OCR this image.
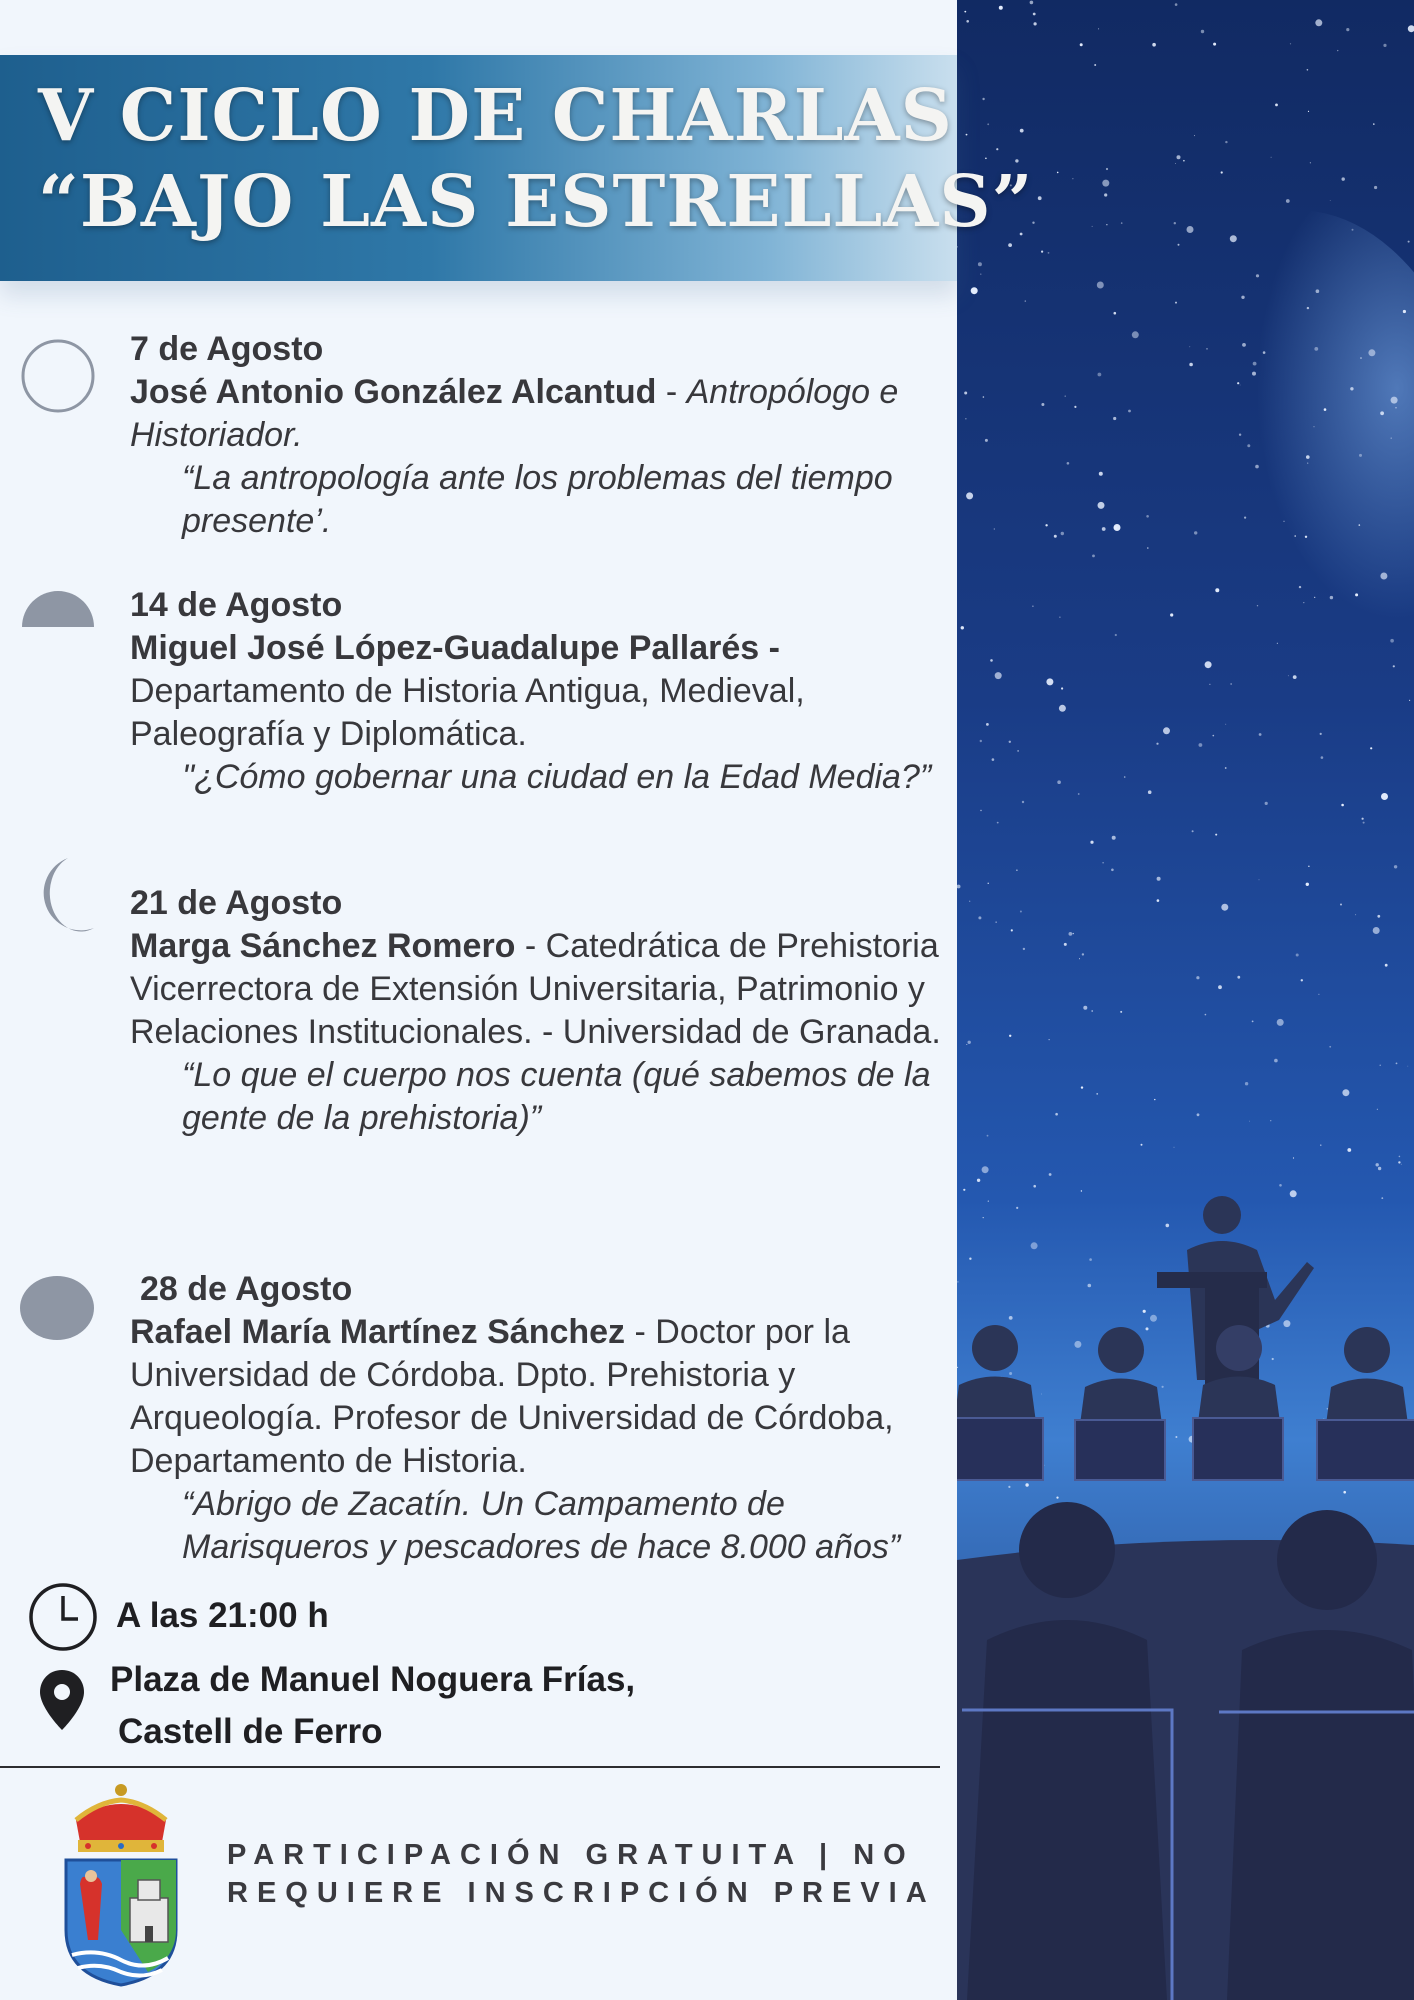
V CICLO DE CHARLAS
“BAJO LAS ESTRELLAS”
7 de Agosto
José Antonio González Alcantud - Antropólogo e Historiador.
“La antropología ante los problemas del tiempo presente’.
14 de Agosto
Miguel José López-Guadalupe Pallarés -
Departamento de Historia Antigua, Medieval, Paleografía y Diplomática.
"¿Cómo gobernar una ciudad en la Edad Media?”
21 de Agosto
Marga Sánchez Romero - Catedrática de Prehistoria
Vicerrectora de Extensión Universitaria, Patrimonio y Relaciones Institucionales. - Universidad de Granada.
“Lo que el cuerpo nos cuenta (qué sabemos de la gente de la prehistoria)”
28 de Agosto
Rafael María Martínez Sánchez - Doctor por la Universidad de Córdoba. Dpto. Prehistoria y Arqueología. Profesor de Universidad de Córdoba, Departamento de Historia.
“Abrigo de Zacatín. Un Campamento de Marisqueros y pescadores de hace 8.000 años”
A las 21:00 h
Plaza de Manuel Noguera Frías,
Castell de Ferro
PARTICIPACIÓN GRATUITA | NO REQUIERE INSCRIPCIÓN PREVIA
